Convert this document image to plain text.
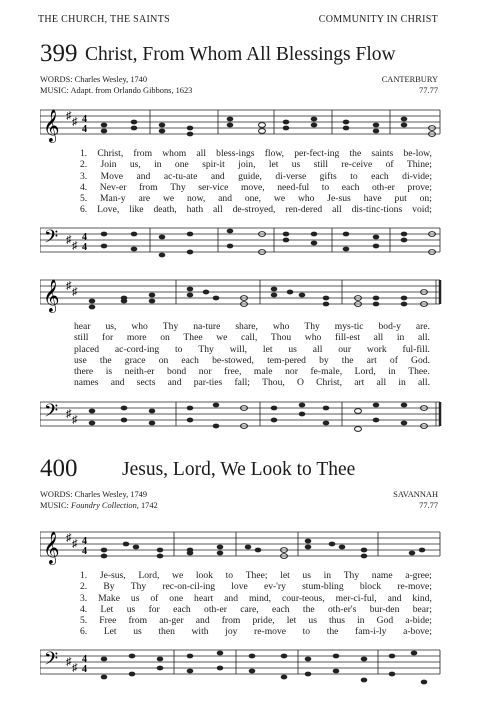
THE CHURCH, THE SAINTS	COMMUNITY IN CHRIST
399 Christ, From Whom All Blessings Flow
WORDS: Charles Wesley, 1740
MUSIC: Adapt. from Orlando Gibbons, 1623
CANTERBURY
77.77
𝄞 ♯ ♯ 4
4
1. Christ, from whom all bless-ings flow, per-fect-ing the saints be-low,
2. Join us, in one spir-it join, let us still re-ceive of Thine;
3. Move and ac-tu-ate and guide, di-verse gifts to each di-vide;
4. Nev-er from Thy ser-vice move, need-ful to each oth-er prove;
5. Man-y are we now, and one, we who Je-sus have put on;
6. Love, like death, hath all de-stroyed, ren-dered all dis-tinc-tions void;
𝄢 ♯ ♯
4
4
𝄞 ♯ ♯
hear us, who Thy na-ture share, who Thy mys-tic bod-y are.
still for more on Thee we call, Thou who fill-est all in all.
placed ac-cord-ing to Thy will, let us all our work ful-fill.
use the grace on each be-stowed, tem-pered by the art of God.
there is neith-er bond nor free, male nor fe-male, Lord, in Thee.
names and sects and par-ties fall; Thou, O Christ, art all in all.
𝄢 ♯ ♯
400 Jesus, Lord, We Look to Thee
WORDS: Charles Wesley, 1749
MUSIC: Foundry Collection, 1742
SAVANNAH
77.77
𝄞 ♯ ♯ 4
4
1. Je-sus, Lord, we look to Thee; let us in Thy name a-gree;
2. By Thy rec-on-cil-ing love ev-'ry stum-bling block re-move;
3. Make us of one heart and mind, cour-teous, mer-ci-ful, and kind,
4. Let us for each oth-er care, each the oth-er's bur-den bear;
5. Free from an-ger and from pride, let us thus in God a-bide;
6. Let us then with joy re-move to the fam-i-ly a-bove;
𝄢 ♯ ♯
4
4
